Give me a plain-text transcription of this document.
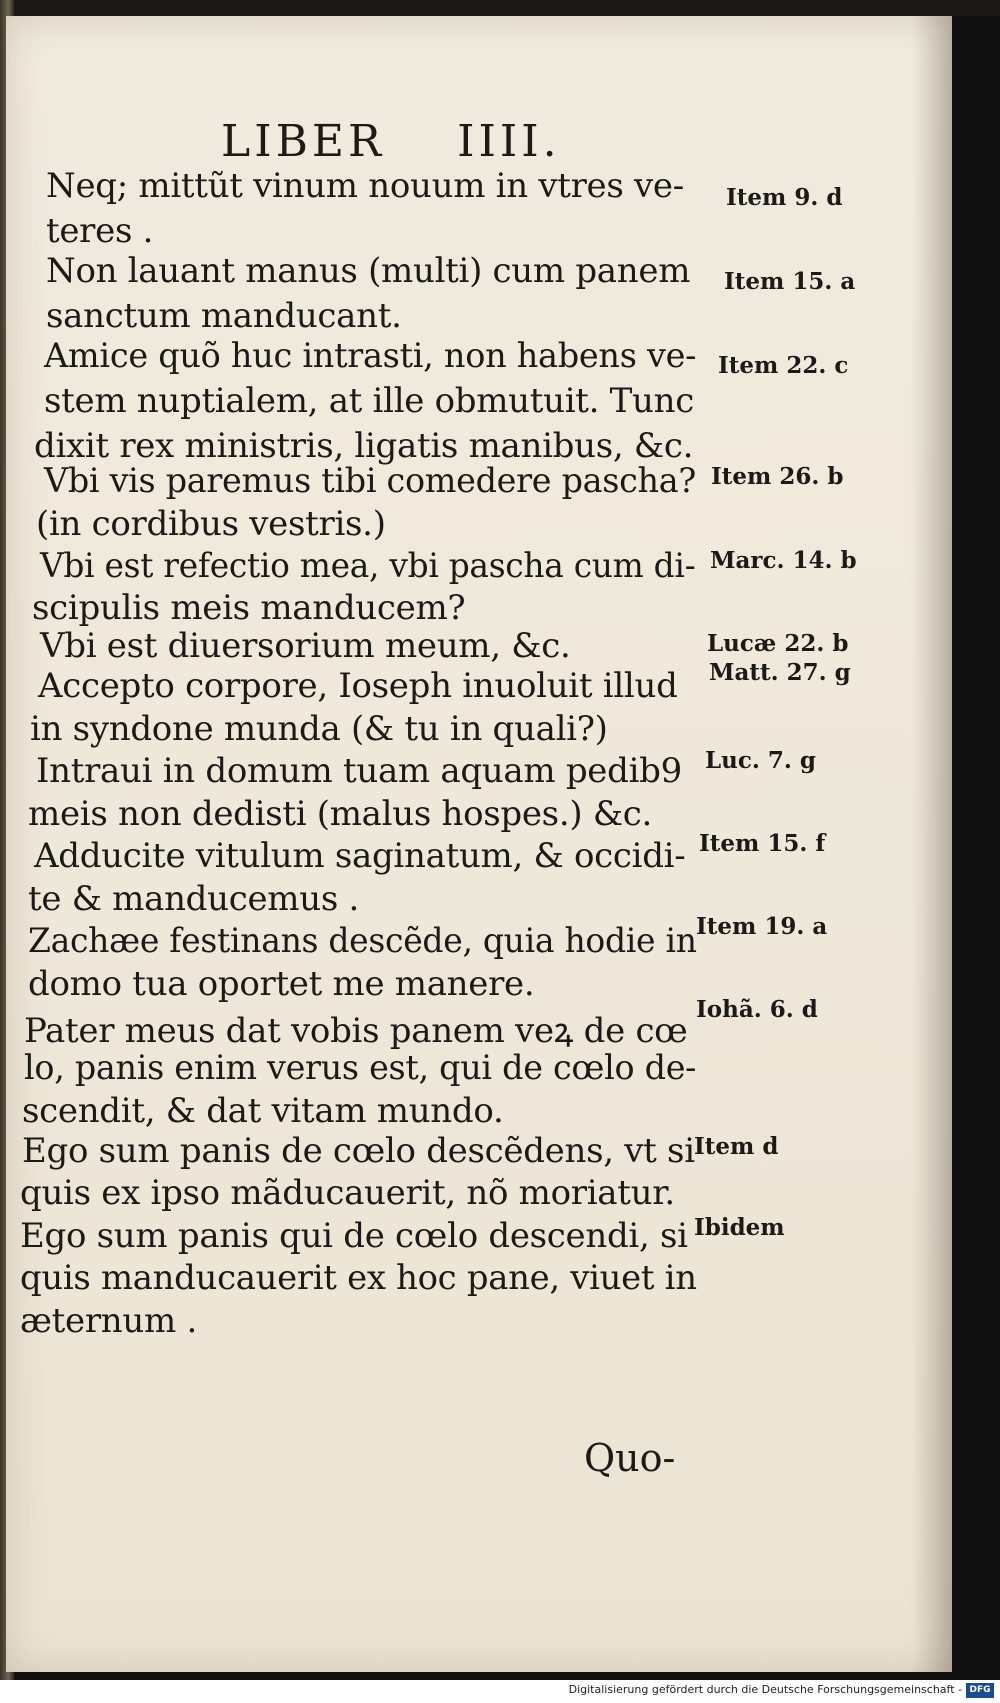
LIBER    IIII.
Neq; mittũt vinum nouum in vtres ve-
teres .
Item 9. d
Non lauant manus (multi) cum panem
sanctum manducant.
Item 15. a
Amice quõ huc intrasti, non habens ve-
stem nuptialem, at ille obmutuit. Tunc
dixit rex ministris, ligatis manibus, &c.
Item 22. c
Vbi vis paremus tibi comedere pascha?
(in cordibus vestris.)
Item 26. b
Vbi est refectio mea, vbi pascha cum di-
scipulis meis manducem?
Marc. 14. b
Vbi est diuersorium meum, &c.	Lucæ 22. b
Accepto corpore, Ioseph inuoluit illud
in syndone munda (& tu in quali?)
Matt. 27. g
Intraui in domum tuam aquam pedib9
meis non dedisti (malus hospes.) &c.
Luc. 7. g
Adducite vitulum saginatum, & occidi-
te & manducemus .
Item 15. f
Zachæe festinans descẽde, quia hodie in
domo tua oportet me manere.
Item 19. a
Pater meus dat vobis panem veꝝ de cœ
lo, panis enim verus est, qui de cœlo de-
scendit, & dat vitam mundo.
Iohã. 6. d
Ego sum panis de cœlo descẽdens, vt si
quis ex ipso mãducauerit, nõ moriatur.
Item d
Ego sum panis qui de cœlo descendi, si
quis manducauerit ex hoc pane, viuet in
æternum .
Ibidem
Quo-
Digitalisierung gefördert durch die Deutsche Forschungsgemeinschaft - DFG
